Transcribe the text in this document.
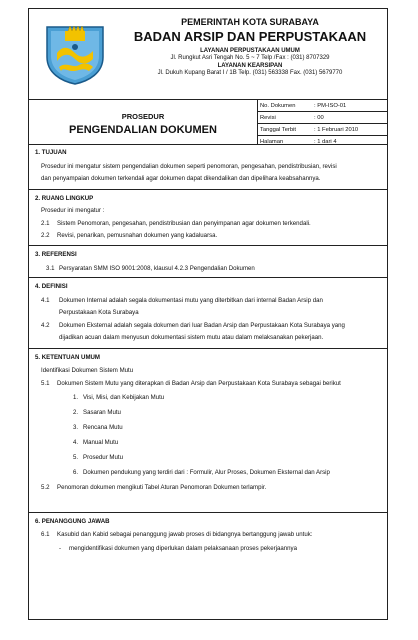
PEMERINTAH KOTA SURABAYA
BADAN ARSIP DAN PERPUSTAKAAN
LAYANAN PERPUSTAKAAN UMUM
Jl. Rungkut Asri Tengah No. 5 ~ 7 Telp /Fax : (031) 8707329
LAYANAN KEARSIPAN
Jl. Dukuh Kupang Barat I / 1B Telp. (031) 563338 Fax. (031) 5679770
PROSEDUR
PENGENDALIAN DOKUMEN
No. Dokumen	: PM-ISO-01
Revisi	: 00
Tanggal Terbit	: 1 Februari 2010
Halaman	: 1 dari 4
1. TUJUAN
Prosedur ini mengatur sistem pengendalian dokumen seperti penomoran, pengesahan, pendistribusian, revisi
dan penyampaian dokumen terkendali agar dokumen dapat dikendalikan dan dipelihara keabsahannya.
2. RUANG LINGKUP
Prosedur ini mengatur :
2.1 Sistem Penomoran, pengesahan, pendistribusian dan penyimpanan agar dokumen terkendali.
2.2 Revisi, penarikan, pemusnahan dokumen yang kadaluarsa.
3. REFERENSI
3.1 Persyaratan SMM ISO 9001:2008, klausul 4.2.3 Pengendalian Dokumen
4. DEFINISI
4.1 Dokumen Internal adalah segala dokumentasi mutu yang diterbitkan dari internal Badan Arsip dan
Perpustakaan Kota Surabaya
4.2 Dokumen Eksternal adalah segala dokumen dari luar Badan Arsip dan Perpustakaan Kota Surabaya yang
dijadikan acuan dalam menyusun dokumentasi sistem mutu atau dalam melaksanakan pekerjaan.
5. KETENTUAN UMUM
Identifikasi Dokumen Sistem Mutu
5.1 Dokumen Sistem Mutu yang diterapkan di Badan Arsip dan Perpustakaan Kota Surabaya sebagai berikut
1. Visi, Misi, dan Kebijakan Mutu
2. Sasaran Mutu
3. Rencana Mutu
4. Manual Mutu
5. Prosedur Mutu
6. Dokumen pendukung yang terdiri dari : Formulir, Alur Proses, Dokumen Eksternal dan Arsip
5.2 Penomoran dokumen mengikuti Tabel Aturan Penomoran Dokumen terlampir.
6. PENANGGUNG JAWAB
6.1 Kasubid dan Kabid sebagai penanggung jawab proses di bidangnya bertanggung jawab untuk:
- mengidentifikasi dokumen yang diperlukan dalam pelaksanaan proses pekerjaannya
